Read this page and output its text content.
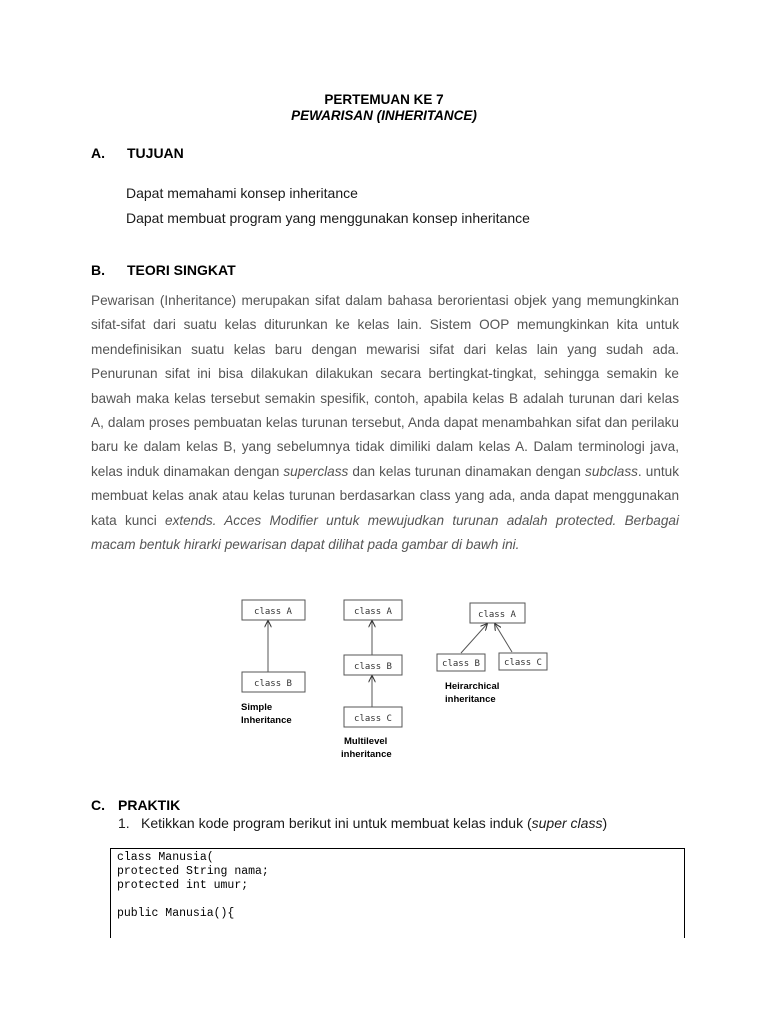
PERTEMUAN KE 7
PEWARISAN (INHERITANCE)
A. TUJUAN
Dapat memahami konsep inheritance
Dapat membuat program yang menggunakan konsep inheritance
B. TEORI SINGKAT
Pewarisan (Inheritance) merupakan sifat dalam bahasa berorientasi objek yang memungkinkan
sifat-sifat dari suatu kelas diturunkan ke kelas lain. Sistem OOP memungkinkan kita untuk
mendefinisikan suatu kelas baru dengan mewarisi sifat dari kelas lain yang sudah ada.
Penurunan sifat ini bisa dilakukan dilakukan secara bertingkat-tingkat, sehingga semakin ke
bawah maka kelas tersebut semakin spesifik, contoh, apabila kelas B adalah turunan dari kelas
A, dalam proses pembuatan kelas turunan tersebut, Anda dapat menambahkan sifat dan perilaku
baru ke dalam kelas B, yang sebelumnya tidak dimiliki dalam kelas A. Dalam terminologi java,
kelas induk dinamakan dengan superclass dan kelas turunan dinamakan dengan subclass. untuk
membuat kelas anak atau kelas turunan berdasarkan class yang ada, anda dapat menggunakan
kata kunci extends. Acces Modifier untuk mewujudkan turunan adalah protected. Berbagai
macam bentuk hirarki pewarisan dapat dilihat pada gambar di bawh ini.
class A
class B
Simple
Inheritance
class A
class B
class C
Multilevel
inheritance
class A
class B	class C
Heirarchical
inheritance
C. PRAKTIK
1. Ketikkan kode program berikut ini untuk membuat kelas induk (super class)
class Manusia(
protected String nama;
protected int umur;

public Manusia(){
